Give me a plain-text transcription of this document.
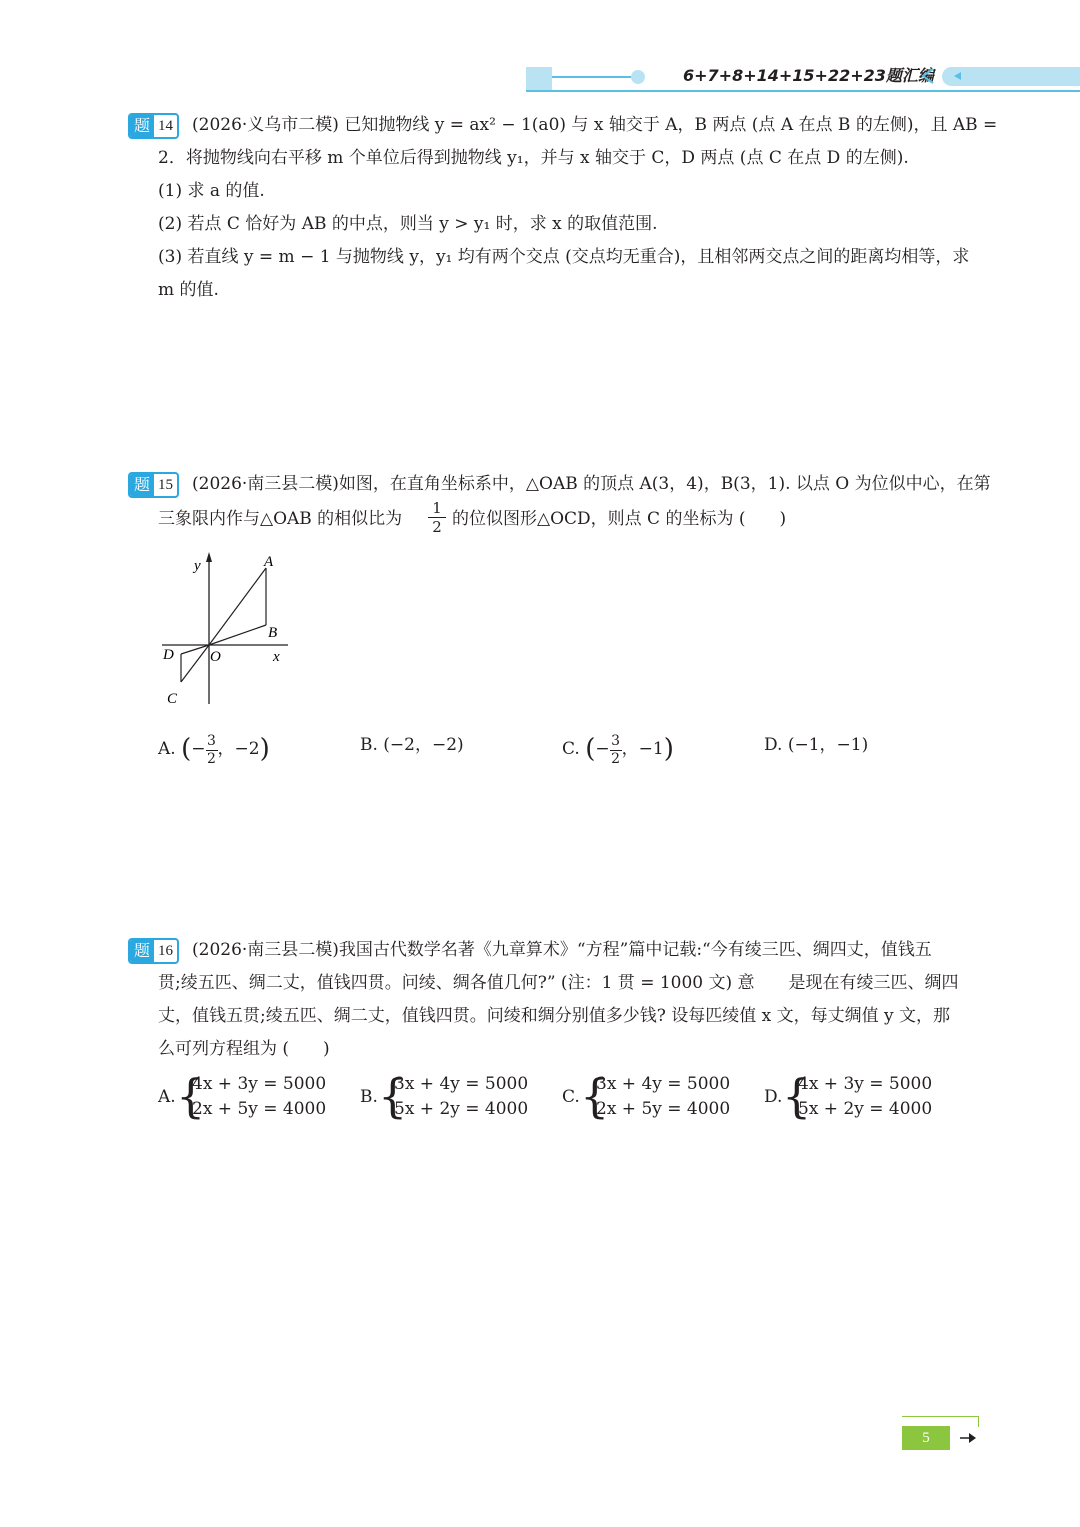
6+7+8+14+15+22+23题汇编
题 14 (2026·义乌市二模) 已知抛物线 y = ax² − 1(a0) 与 x 轴交于 A，B 两点 (点 A 在点 B 的左侧)，且 AB =
2．将抛物线向右平移 m 个单位后得到抛物线 y₁，并与 x 轴交于 C，D 两点 (点 C 在点 D 的左侧).
(1) 求 a 的值.
(2) 若点 C 恰好为 AB 的中点，则当 y > y₁ 时，求 x 的取值范围.
(3) 若直线 y = m − 1 与抛物线 y，y₁ 均有两个交点 (交点均无重合)，且相邻两交点之间的距离均相等，求
m 的值.
题 15 (2026·南三县二模)如图，在直角坐标系中，△OAB 的顶点 A(3，4)，B(3，1). 以点 O 为位似中心，在第
三象限内作与△OAB 的相似比为 $\frac{1}{2}$ 的位似图形△OCD，则点 C 的坐标为 (　　)
y	A
B
D O	x
C
A. (− $\frac{3}{2}$ ，−2)	B. (−2，−2)	C. (− $\frac{3}{2}$ ，−1)	D. (−1，−1)
题 16 (2026·南三县二模)我国古代数学名著《九章算术》“方程”篇中记载:“今有绫三匹、绸四丈，值钱五
贯;绫五匹、绸二丈，值钱四贯。问绫、绸各值几何?” (注：1 贯 = 1000 文) 意　　是现在有绫三匹、绸四
丈，值钱五贯;绫五匹、绸二丈，值钱四贯。问绫和绸分别值多少钱? 设每匹绫值 x 文，每丈绸值 y 文，那
么可列方程组为 (　　)
A. {
4x + 3y = 5000
2x + 5y = 4000
B. {
3x + 4y = 5000
5x + 2y = 4000
C. {
3x + 4y = 5000
2x + 5y = 4000
D. {
4x + 3y = 5000
5x + 2y = 4000
5
